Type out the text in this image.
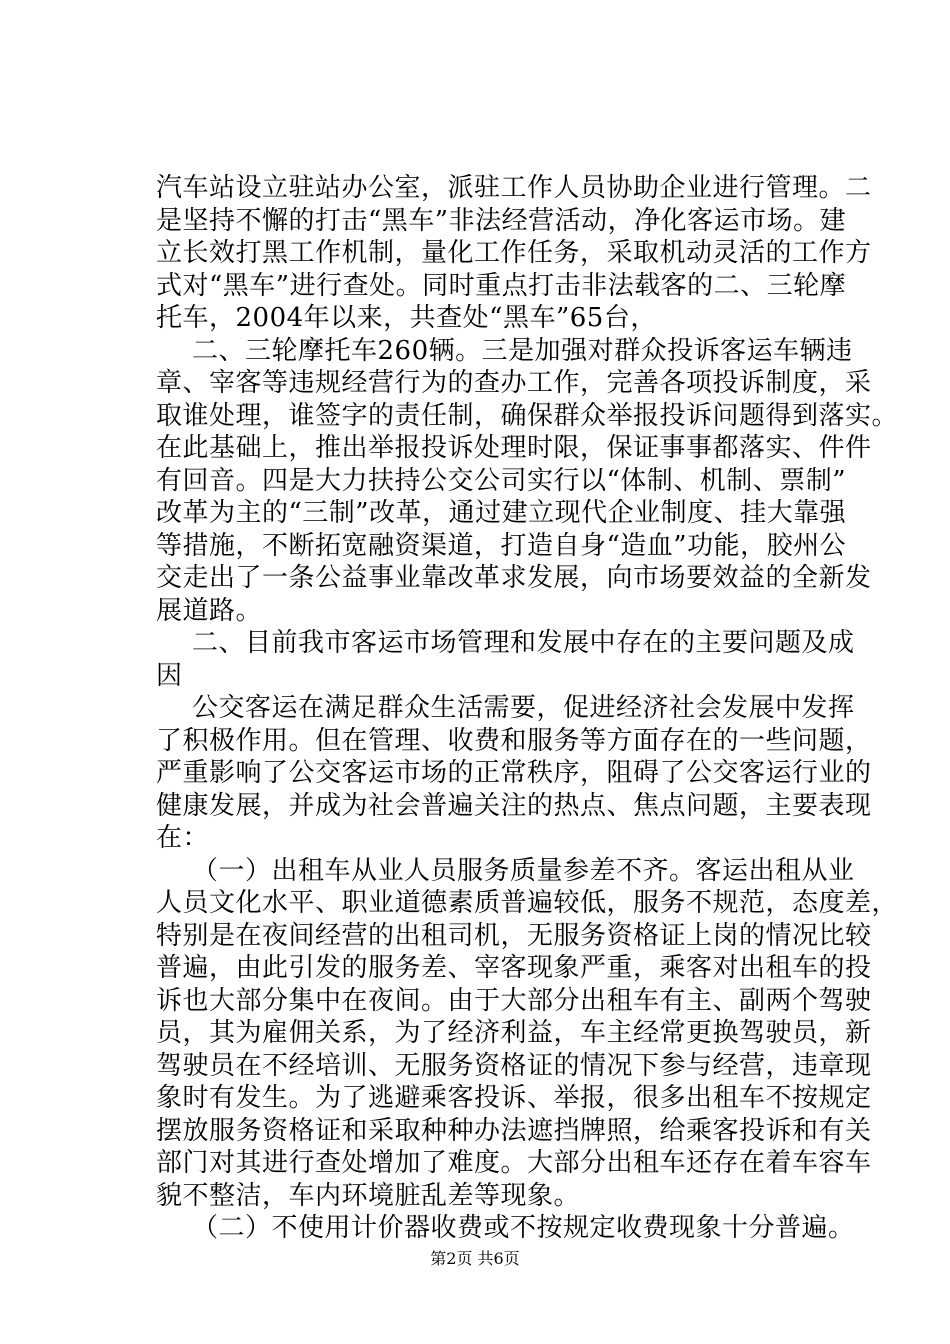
汽车站设立驻站办公室，派驻工作人员协助企业进行管理。二
是坚持不懈的打击“黑车”非法经营活动，净化客运市场。建
立长效打黑工作机制，量化工作任务，采取机动灵活的工作方
式对“黑车”进行查处。同时重点打击非法载客的二、三轮摩
托车，2004年以来，共查处“黑车”65台，
二、三轮摩托车260辆。三是加强对群众投诉客运车辆违
章、宰客等违规经营行为的查办工作，完善各项投诉制度，采
取谁处理，谁签字的责任制，确保群众举报投诉问题得到落实。
在此基础上，推出举报投诉处理时限，保证事事都落实、件件
有回音。四是大力扶持公交公司实行以“体制、机制、票制”
改革为主的“三制”改革，通过建立现代企业制度、挂大靠强
等措施，不断拓宽融资渠道，打造自身“造血”功能，胶州公
交走出了一条公益事业靠改革求发展，向市场要效益的全新发
展道路。
二、目前我市客运市场管理和发展中存在的主要问题及成
因
公交客运在满足群众生活需要，促进经济社会发展中发挥
了积极作用。但在管理、收费和服务等方面存在的一些问题，
严重影响了公交客运市场的正常秩序，阻碍了公交客运行业的
健康发展，并成为社会普遍关注的热点、焦点问题，主要表现
在：
（一）出租车从业人员服务质量参差不齐。客运出租从业
人员文化水平、职业道德素质普遍较低，服务不规范，态度差，
特别是在夜间经营的出租司机，无服务资格证上岗的情况比较
普遍，由此引发的服务差、宰客现象严重，乘客对出租车的投
诉也大部分集中在夜间。由于大部分出租车有主、副两个驾驶
员，其为雇佣关系，为了经济利益，车主经常更换驾驶员，新
驾驶员在不经培训、无服务资格证的情况下参与经营，违章现
象时有发生。为了逃避乘客投诉、举报，很多出租车不按规定
摆放服务资格证和采取种种办法遮挡牌照，给乘客投诉和有关
部门对其进行查处增加了难度。大部分出租车还存在着车容车
貌不整洁，车内环境脏乱差等现象。
（二）不使用计价器收费或不按规定收费现象十分普遍。
第2页 共6页
